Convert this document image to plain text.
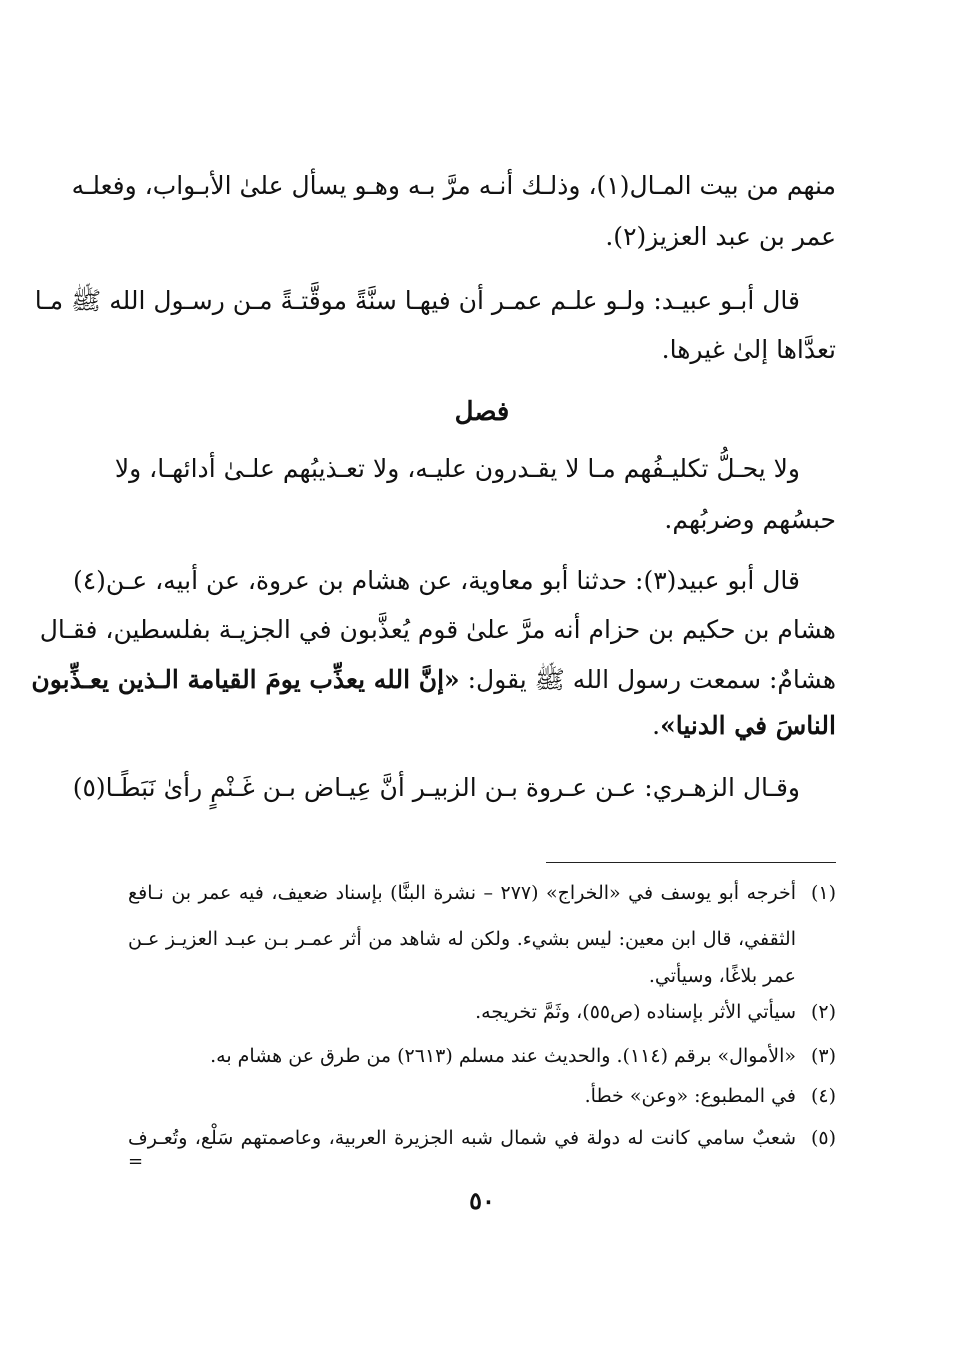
منهم من بيت المـال(١)، وذلـك أنـه مرَّ بـه وهـو يسأل علىٰ الأبـواب، وفعلـه
عمر بن عبد العزيز(٢).
قال أبـو عبيـد: ولـو علـم عمـر أن فيهـا سنَّةً موقَّتـةً مـن رسـول الله ﷺ مـا
تعدَّاها إلىٰ غيرها.
فصل
ولا يحـلُّ تكليـفُهم مـا لا يقـدرون عليـه، ولا تعـذيبُهم علـىٰ أدائهـا، ولا
حبسُهم وضربُهم.
قال أبو عبيد(٣): حدثنا أبو معاوية، عن هشام بن عروة، عن أبيه، عـن(٤)
هشام بن حكيم بن حزام أنه مرَّ علىٰ قوم يُعذَّبون في الجزيـة بفلسطين، فقـال
هشامٌ: سمعت رسول الله ﷺ يقول: «إنَّ الله يعذِّب يومَ القيامة الـذين يعـذِّبون
الناسَ في الدنيا».
وقـال الزهـري: عـن عـروة بـن الزبيـر أنَّ عِيـاض بـن غَـنْمٍ رأىٰ نَبَطًـا(٥)
(١)أخرجه أبو يوسف في «الخراج» (٢٧٧ – نشرة البنَّا) بإسناد ضعيف، فيه عمر بن نـافع
الثقفي، قال ابن معين: ليس بشيء. ولكن له شاهد من أثر عمـر بـن عبـد العزيـز عـن
عمر بلاغًا، وسيأتي.
(٢)سيأتي الأثر بإسناده (ص٥٥)، وثَمَّ تخريجه.
(٣)«الأموال» برقم (١١٤). والحديث عند مسلم (٢٦١٣) من طرق عن هشام به.
(٤)في المطبوع: «وعن» خطأ.
(٥)شعبٌ سامي كانت له دولة في شمال شبه الجزيرة العربية، وعاصمتهم سَلْع، وتُعـرف
=
٥٠
